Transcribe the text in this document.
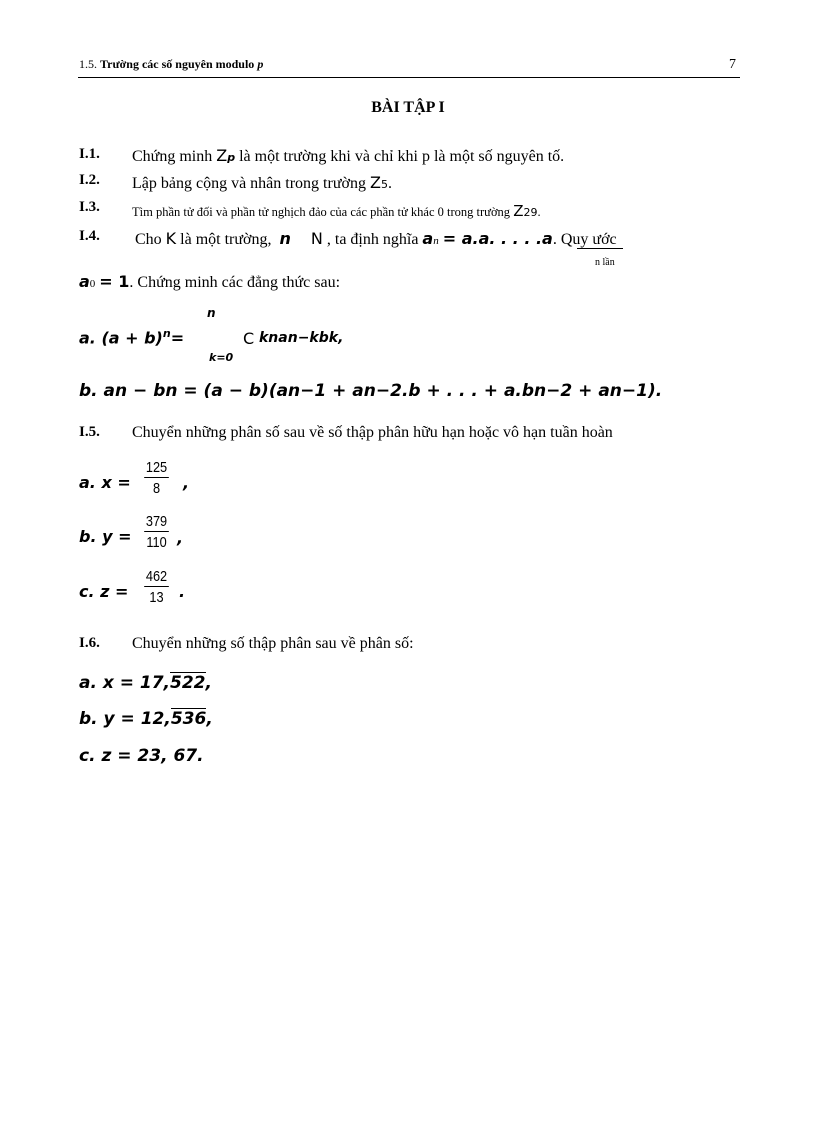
1.5. Trường các số nguyên modulo p	7
BÀI TẬP I
I.1. Chứng minh Zp là một trường khi và chỉ khi p là một số nguyên tố.
I.2. Lập bảng cộng và nhân trong trường Z5.
I.3.	Tìm phần tử đối và phần tử nghịch đảo của các phần tử khác 0 trong trường Z29.
I.4. Cho K là một trường, n N , ta định nghĩa an = a.a. . . . .a. Quy ước
n lần
a0 = 1. Chứng minh các đẳng thức sau:
n
a. $(a + b)^n=$	C knan−kbk,
k=0
b. an − bn = (a − b)(an−1 + an−2.b + . . . + a.bn−2 + an−1).
I.5. Chuyển những phân số sau về số thập phân hữu hạn hoặc vô hạn tuần hoàn
a. $x = \frac{125}{8}$ ,
b. $y = \frac{379}{110}$ ,
c. $z = \frac{462}{13}$ .
I.6. Chuyển những số thập phân sau về phân số:
a. x = 17,522,
b. y = 12,536,
c. z = 23, 67.
